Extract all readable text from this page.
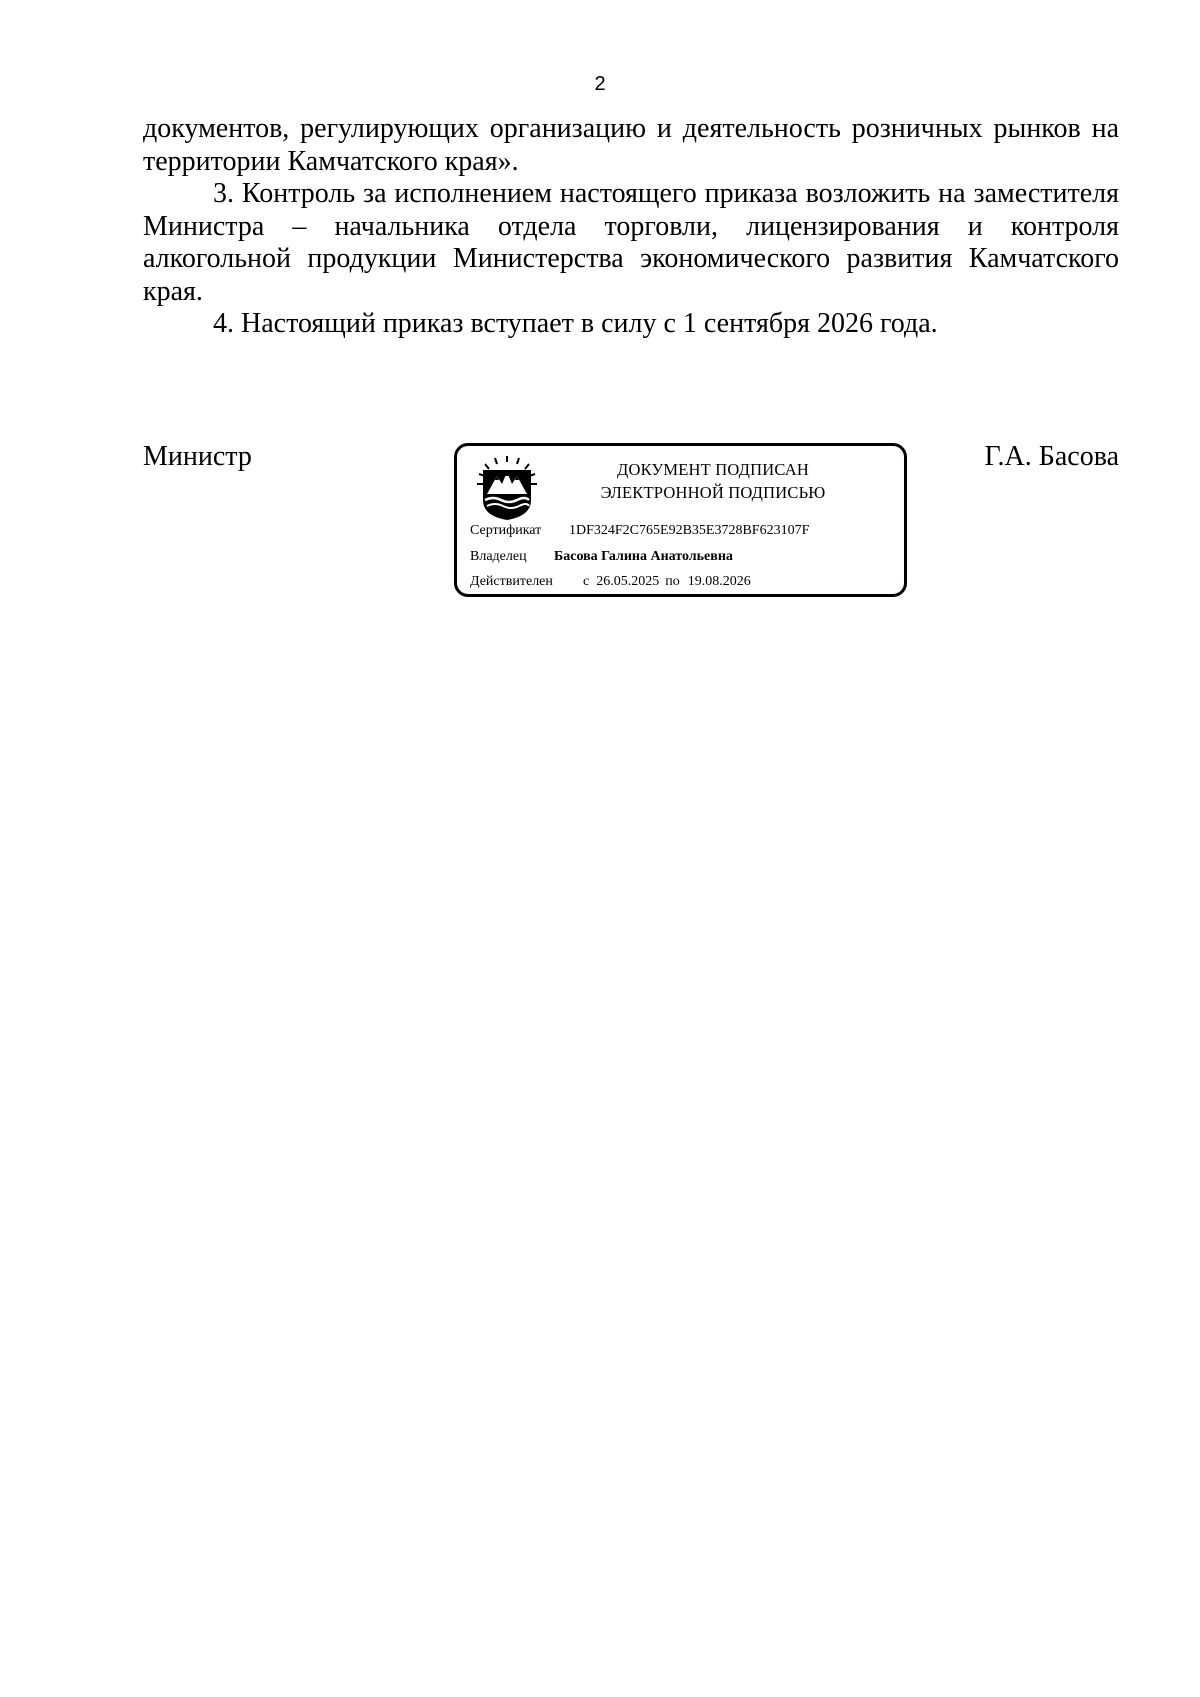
2

документов, регулирующих организацию и деятельность розничных рынков на территории Камчатского края».

3. Контроль за исполнением настоящего приказа возложить на заместителя Министра – начальника отдела торговли, лицензирования и контроля алкогольной продукции Министерства экономического развития Камчатского края.

4. Настоящий приказ вступает в силу с 1 сентября 2026 года.

Министр	ДОКУМЕНТ ПОДПИСАН
ЭЛЕКТРОННОЙ ПОДПИСЬЮ
Сертификат 1DF324F2C765E92B35E3728BF623107F
Владелец Басова Галина Анатольевна
Действителен с 26.05.2025 по 19.08.2026
Г.А. Басова
